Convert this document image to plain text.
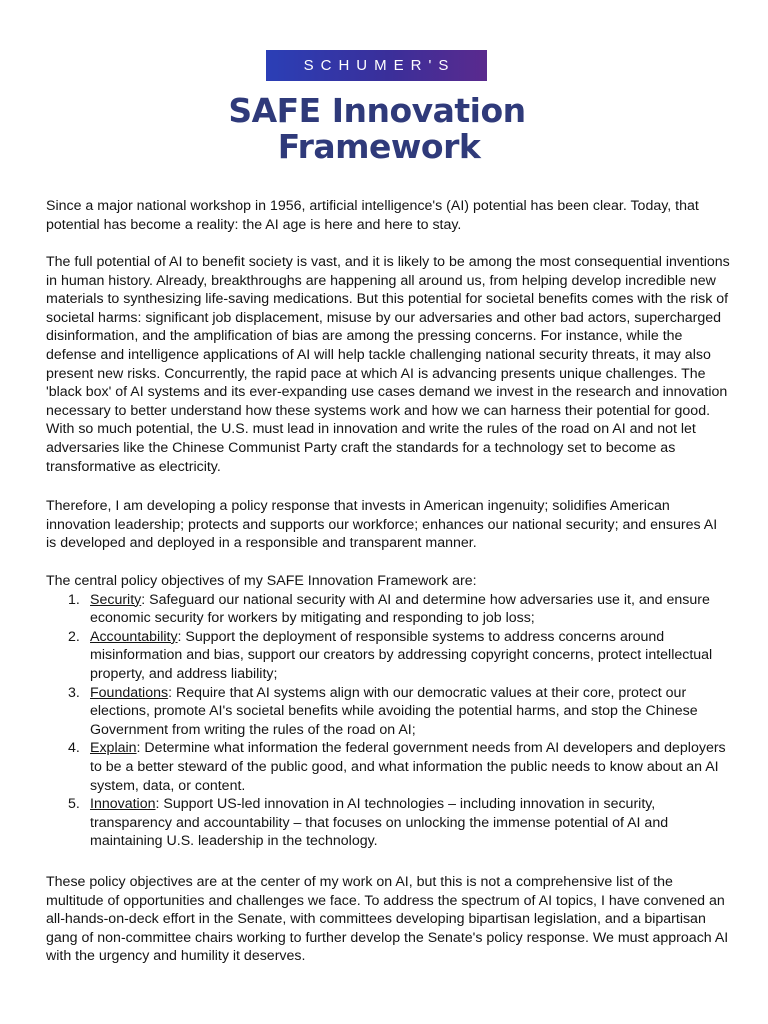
SCHUMER'S
SAFE Innovation
Framework

Since a major national workshop in 1956, artificial intelligence's (AI) potential has been clear. Today, that potential has become a reality: the AI age is here and here to stay.

The full potential of AI to benefit society is vast, and it is likely to be among the most consequential inventions in human history. Already, breakthroughs are happening all around us, from helping develop incredible new materials to synthesizing life-saving medications. But this potential for societal benefits comes with the risk of societal harms: significant job displacement, misuse by our adversaries and other bad actors, supercharged disinformation, and the amplification of bias are among the pressing concerns. For instance, while the defense and intelligence applications of AI will help tackle challenging national security threats, it may also present new risks. Concurrently, the rapid pace at which AI is advancing presents unique challenges. The 'black box' of AI systems and its ever-expanding use cases demand we invest in the research and innovation necessary to better understand how these systems work and how we can harness their potential for good. With so much potential, the U.S. must lead in innovation and write the rules of the road on AI and not let adversaries like the Chinese Communist Party craft the standards for a technology set to become as transformative as electricity.

Therefore, I am developing a policy response that invests in American ingenuity; solidifies American innovation leadership; protects and supports our workforce; enhances our national security; and ensures AI is developed and deployed in a responsible and transparent manner.

The central policy objectives of my SAFE Innovation Framework are:

1. Security: Safeguard our national security with AI and determine how adversaries use it, and ensure economic security for workers by mitigating and responding to job loss;
2. Accountability: Support the deployment of responsible systems to address concerns around misinformation and bias, support our creators by addressing copyright concerns, protect intellectual property, and address liability;
3. Foundations: Require that AI systems align with our democratic values at their core, protect our elections, promote AI's societal benefits while avoiding the potential harms, and stop the Chinese Government from writing the rules of the road on AI;
4. Explain: Determine what information the federal government needs from AI developers and deployers to be a better steward of the public good, and what information the public needs to know about an AI system, data, or content.
5. Innovation: Support US-led innovation in AI technologies – including innovation in security, transparency and accountability – that focuses on unlocking the immense potential of AI and maintaining U.S. leadership in the technology.

These policy objectives are at the center of my work on AI, but this is not a comprehensive list of the multitude of opportunities and challenges we face. To address the spectrum of AI topics, I have convened an all-hands-on-deck effort in the Senate, with committees developing bipartisan legislation, and a bipartisan gang of non-committee chairs working to further develop the Senate's policy response. We must approach AI with the urgency and humility it deserves.
